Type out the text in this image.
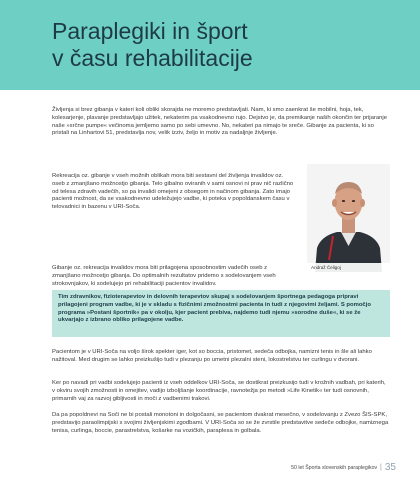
Paraplegiki in šport
v času rehabilitacije

Življenja si brez gibanja v kateri koli obliki skorajda ne moremo predstavljati. Nam, ki smo zaenkrat še mobilni, hoja, tek, kolesarjenje, plavanje predstavljajo užitek, nekaterim pa vsakodnevno rujo. Dejstvo je, da premikanje naših okončin ter prijaranje naše »srčne pumpe« večinoma jemljemo samo po sebi umevno. No, nekateri pa nimajo te sreče. Gibanje za pacienta, ki so pristali na Linhartovi 51, predstavlja nov, velik izziv, željo in motiv za nadaljnje življenje.

Rekreacija oz. gibanje v vseh možnih oblikah mora biti sestavni del življenja invalidov oz. oseb z zmanjšano možnostjo gibanja. Telo gibalno oviranih v sami osnovi ni prav nič različno od telesa zdravih vadečih, so pa invalidi omejeni z obsegom in načinom gibanja. Zato imajo pacienti možnost, da se vsakodnevno udeležujejo vadbe, ki poteka v popoldanskem času v telovadnici in bazenu v URI-Soča.

Gibanje oz. rekreacija invalidov mora biti prilagojena sposobnostim vadečih oseb z zmanjšano možnostjo gibanja. Do optimalnih rezultatov pridemo s sodelovanjem vseh strokovnjakov, ki sodelujejo pri rehabilitaciji pacientov invalidov.

Andraž Čeligoj

Tim zdravnikov, fizioterapevtov in delovnih terapevtov skupaj s sodelovanjem športnega pedagoga pripravi prilagojeni program vadbe, ki je v skladu s fizičnimi zmožnostmi pacienta in tudi z njegovimi željami. S pomočjo programa »Postani športnik« pa v okolju, kjer pacient prebiva, najdemo tudi njemu »sorodne duše«, ki se že ukvarjajo z izbrano obliko prilagojene vadbe.

Pacientom je v URI-Soča na voljo širok spekter iger, kot so boccia, pristomet, sedeča odbojka, namizni tenis in šle ali lahko nažitoval. Med drugim se lahko preizkušijo tudi v plezanju po umetni plezalni steni, lokostrelstvu ter curlingu v dvorani.

Ker po navadi pri vadbi sodelujejo pacienti iz vseh oddelkov URI-Soča, se dostikrat preizkusijo tudi v krožnih vadbah, pri katerih, v okviru svojih zmožnosti in omejitev, vadijo izboljšanje koordinacije, ravnotežja po metodi »Life Kinetik« ter tudi osnovnih, primarnih vaj za razvoj gibljivosti in moči z vadbenimi trakovi.

Da pa popoldnevi na Soči ne bi postali monotoni in dolgočasni, se pacientom dvakrat mesečno, v sodelovanju z Zvezo ŠIS-SPK, predstavijo paraolimpijski s svojimi življenjskimi zgodbami. V URI-Soča so se že zvrstile predstavitve sedeče odbojke, namiznega tenisa, curlinga, boccie, parastrelstva, košarke na vozičkih, paraplesa in golbala.

50 let Športa slovenskih paraplegikov | 35
